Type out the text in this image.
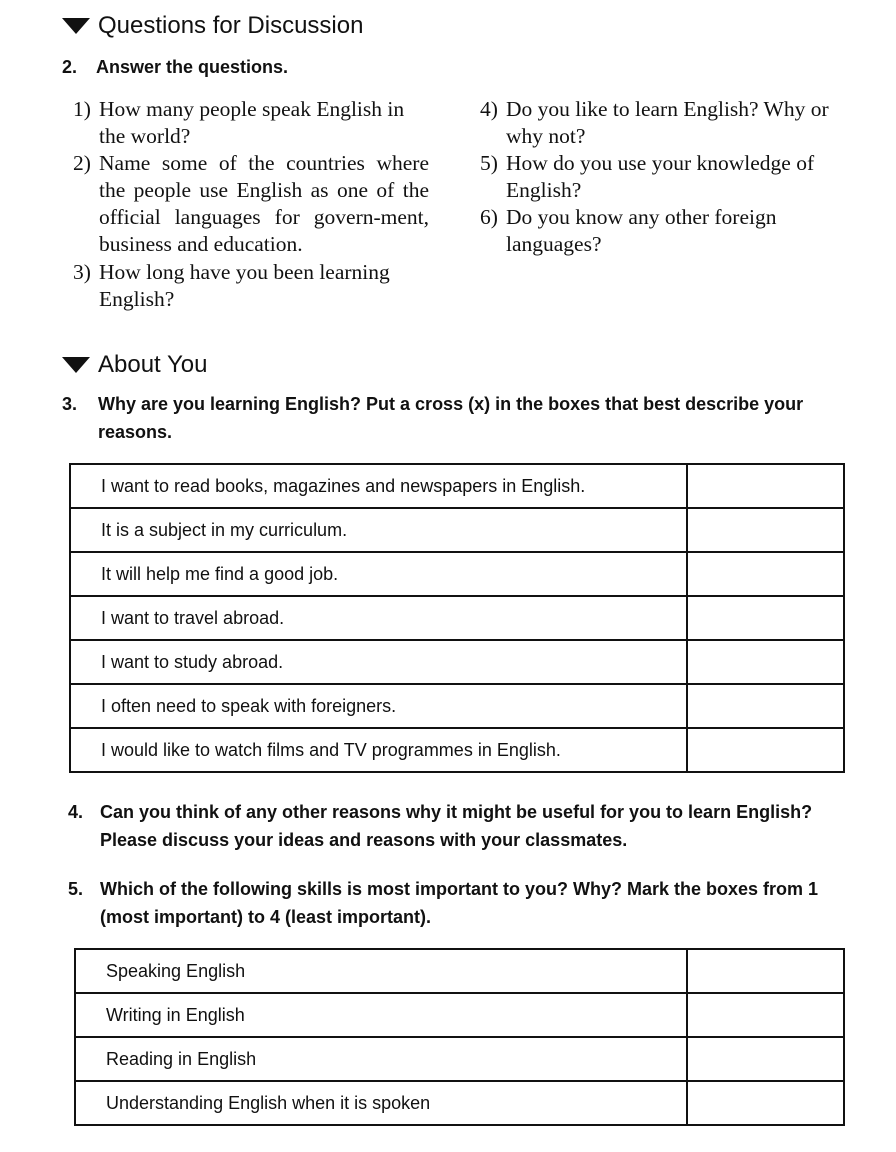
Questions for Discussion
2. Answer the questions.
1) How many people speak English in the world?
2) Name some of the countries where the people use English as one of the official languages for govern-ment, business and education.
3) How long have you been learning English?
4) Do you like to learn English? Why or why not?
5) How do you use your knowledge of English?
6) Do you know any other foreign languages?
About You
3. Why are you learning English? Put a cross (x) in the boxes that best describe your reasons.
I want to read books, magazines and newspapers in English.	
It is a subject in my curriculum.	
It will help me find a good job.	
I want to travel abroad.	
I want to study abroad.	
I often need to speak with foreigners.	
I would like to watch films and TV programmes in English.	
4. Can you think of any other reasons why it might be useful for you to learn English? Please discuss your ideas and reasons with your classmates.
5. Which of the following skills is most important to you? Why? Mark the boxes from 1 (most important) to 4 (least important).
Speaking English	
Writing in English	
Reading in English	
Understanding English when it is spoken	
